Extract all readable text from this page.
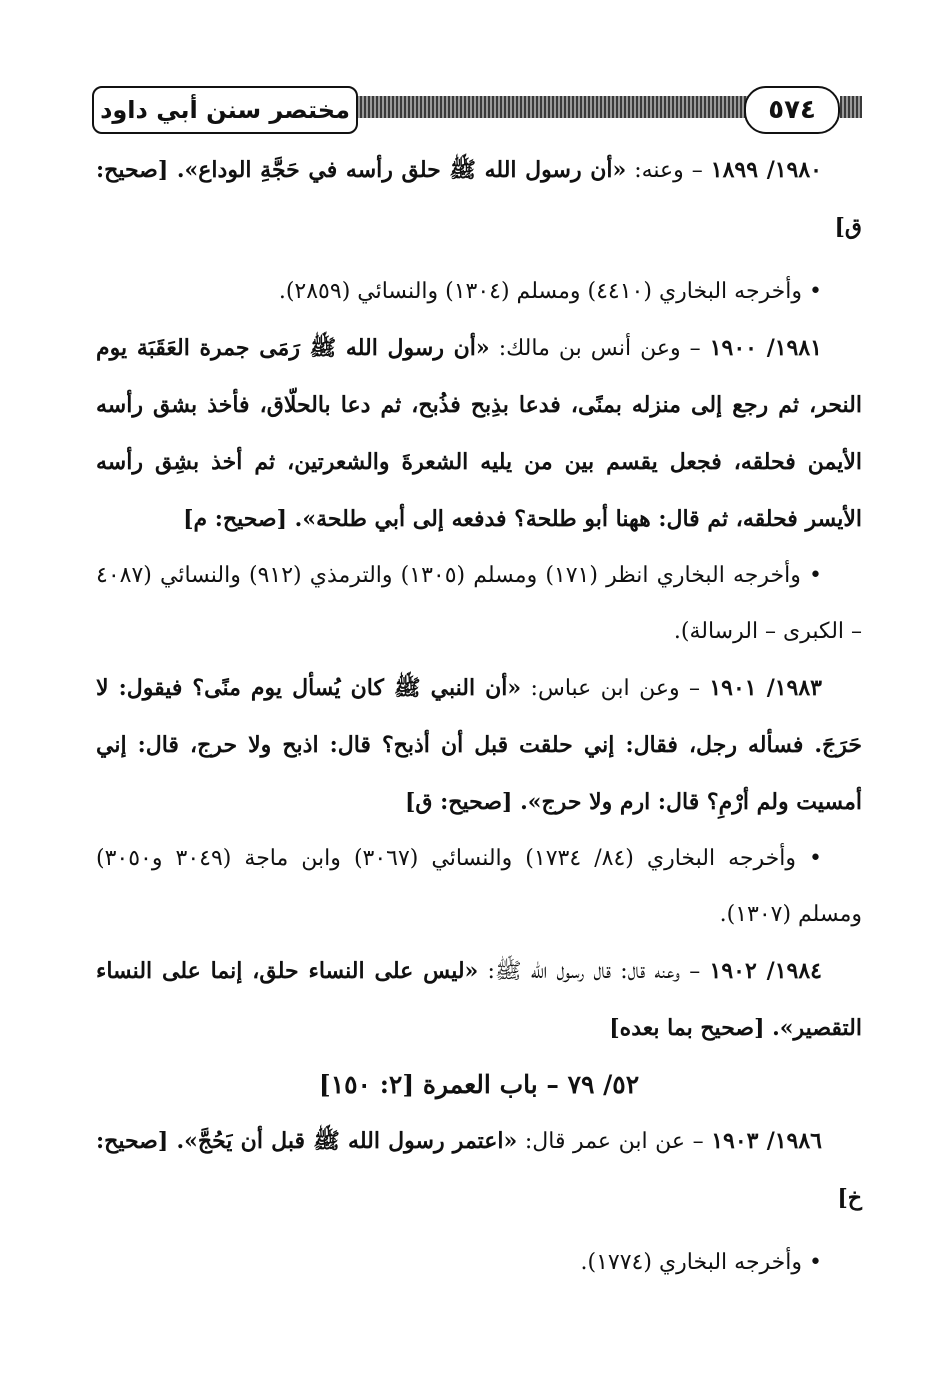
مختصر سنن أبي داود	٥٧٤

١٩٨٠/ ١٨٩٩ – وعنه: «أن رسول الله ﷺ حلق رأسه في حَجَّةِ الوداع». [صحيح: ق]

• وأخرجه البخاري (٤٤١٠) ومسلم (١٣٠٤) والنسائي (٢٨٥٩).

١٩٨١/ ١٩٠٠ – وعن أنس بن مالك: «أن رسول الله ﷺ رَمَى جمرة العَقَبَة يوم النحر، ثم رجع إلى منزله بمنًى، فدعا بذِبح فذُبح، ثم دعا بالحلّاق، فأخذ بشق رأسه الأيمن فحلقه، فجعل يقسم بين من يليه الشعرةَ والشعرتين، ثم أخذ بشِق رأسه الأيسر فحلقه، ثم قال: ههنا أبو طلحة؟ فدفعه إلى أبي طلحة». [صحيح: م]

• وأخرجه البخاري انظر (١٧١) ومسلم (١٣٠٥) والترمذي (٩١٢) والنسائي (٤٠٨٧ – الكبرى – الرسالة).

١٩٨٣/ ١٩٠١ – وعن ابن عباس: «أن النبي ﷺ كان يُسأل يوم منًى؟ فيقول: لا حَرَجَ. فسأله رجل، فقال: إني حلقت قبل أن أذبح؟ قال: اذبح ولا حرج، قال: إني أمسيت ولم أرْمِ؟ قال: ارم ولا حرج». [صحيح: ق]

• وأخرجه البخاري (٨٤/ ١٧٣٤) والنسائي (٣٠٦٧) وابن ماجة (٣٠٤٩ و٣٠٥٠) ومسلم (١٣٠٧).

١٩٨٤/ ١٩٠٢ – وعنه قال: قال رسول الله ﷺ: «ليس على النساء حلق، إنما على النساء التقصير». [صحيح بما بعده]

٥٢/ ٧٩ – باب العمرة [٢: ١٥٠]

١٩٨٦/ ١٩٠٣ – عن ابن عمر قال: «اعتمر رسول الله ﷺ قبل أن يَحُجَّ». [صحيح: خ]

• وأخرجه البخاري (١٧٧٤).
